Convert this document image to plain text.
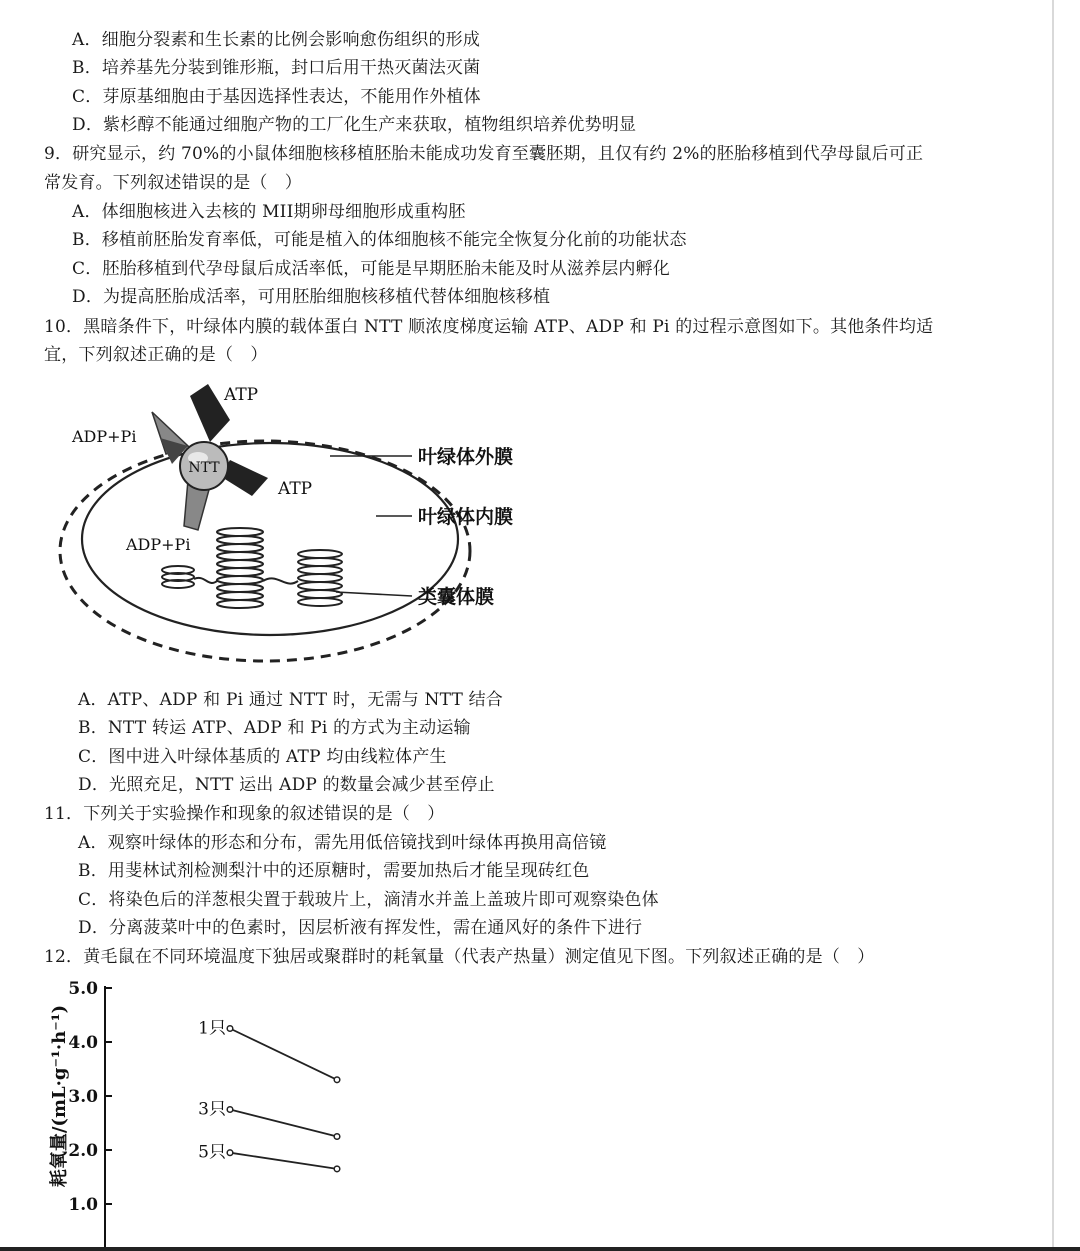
A．细胞分裂素和生长素的比例会影响愈伤组织的形成

B．培养基先分装到锥形瓶，封口后用干热灭菌法灭菌

C．芽原基细胞由于基因选择性表达，不能用作外植体

D．紫杉醇不能通过细胞产物的工厂化生产来获取，植物组织培养优势明显

9．研究显示，约 70%的小鼠体细胞核移植胚胎未能成功发育至囊胚期，且仅有约 2%的胚胎移植到代孕母鼠后可正

常发育。下列叙述错误的是（　）

A．体细胞核进入去核的 MII期卵母细胞形成重构胚

B．移植前胚胎发育率低，可能是植入的体细胞核不能完全恢复分化前的功能状态

C．胚胎移植到代孕母鼠后成活率低，可能是早期胚胎未能及时从滋养层内孵化

D．为提高胚胎成活率，可用胚胎细胞核移植代替体细胞核移植

10．黑暗条件下，叶绿体内膜的载体蛋白 NTT 顺浓度梯度运输 ATP、ADP 和 Pi 的过程示意图如下。其他条件均适

宜，下列叙述正确的是（　）

NTT
ATP
ADP+Pi
ATP
ADP+Pi
叶绿体外膜
叶绿体内膜
类囊体膜

A．ATP、ADP 和 Pi 通过 NTT 时，无需与 NTT 结合

B．NTT 转运 ATP、ADP 和 Pi 的方式为主动运输

C．图中进入叶绿体基质的 ATP 均由线粒体产生

D．光照充足，NTT 运出 ADP 的数量会减少甚至停止

11．下列关于实验操作和现象的叙述错误的是（　）

A．观察叶绿体的形态和分布，需先用低倍镜找到叶绿体再换用高倍镜

B．用斐林试剂检测梨汁中的还原糖时，需要加热后才能呈现砖红色

C．将染色后的洋葱根尖置于载玻片上，滴清水并盖上盖玻片即可观察染色体

D．分离菠菜叶中的色素时，因层析液有挥发性，需在通风好的条件下进行

12．黄毛鼠在不同环境温度下独居或聚群时的耗氧量（代表产热量）测定值见下图。下列叙述正确的是（　）

耗氧量/(mL·g⁻¹·h⁻¹)
5.0
4.0
3.0
2.0
1.0
1只
3只
5只
